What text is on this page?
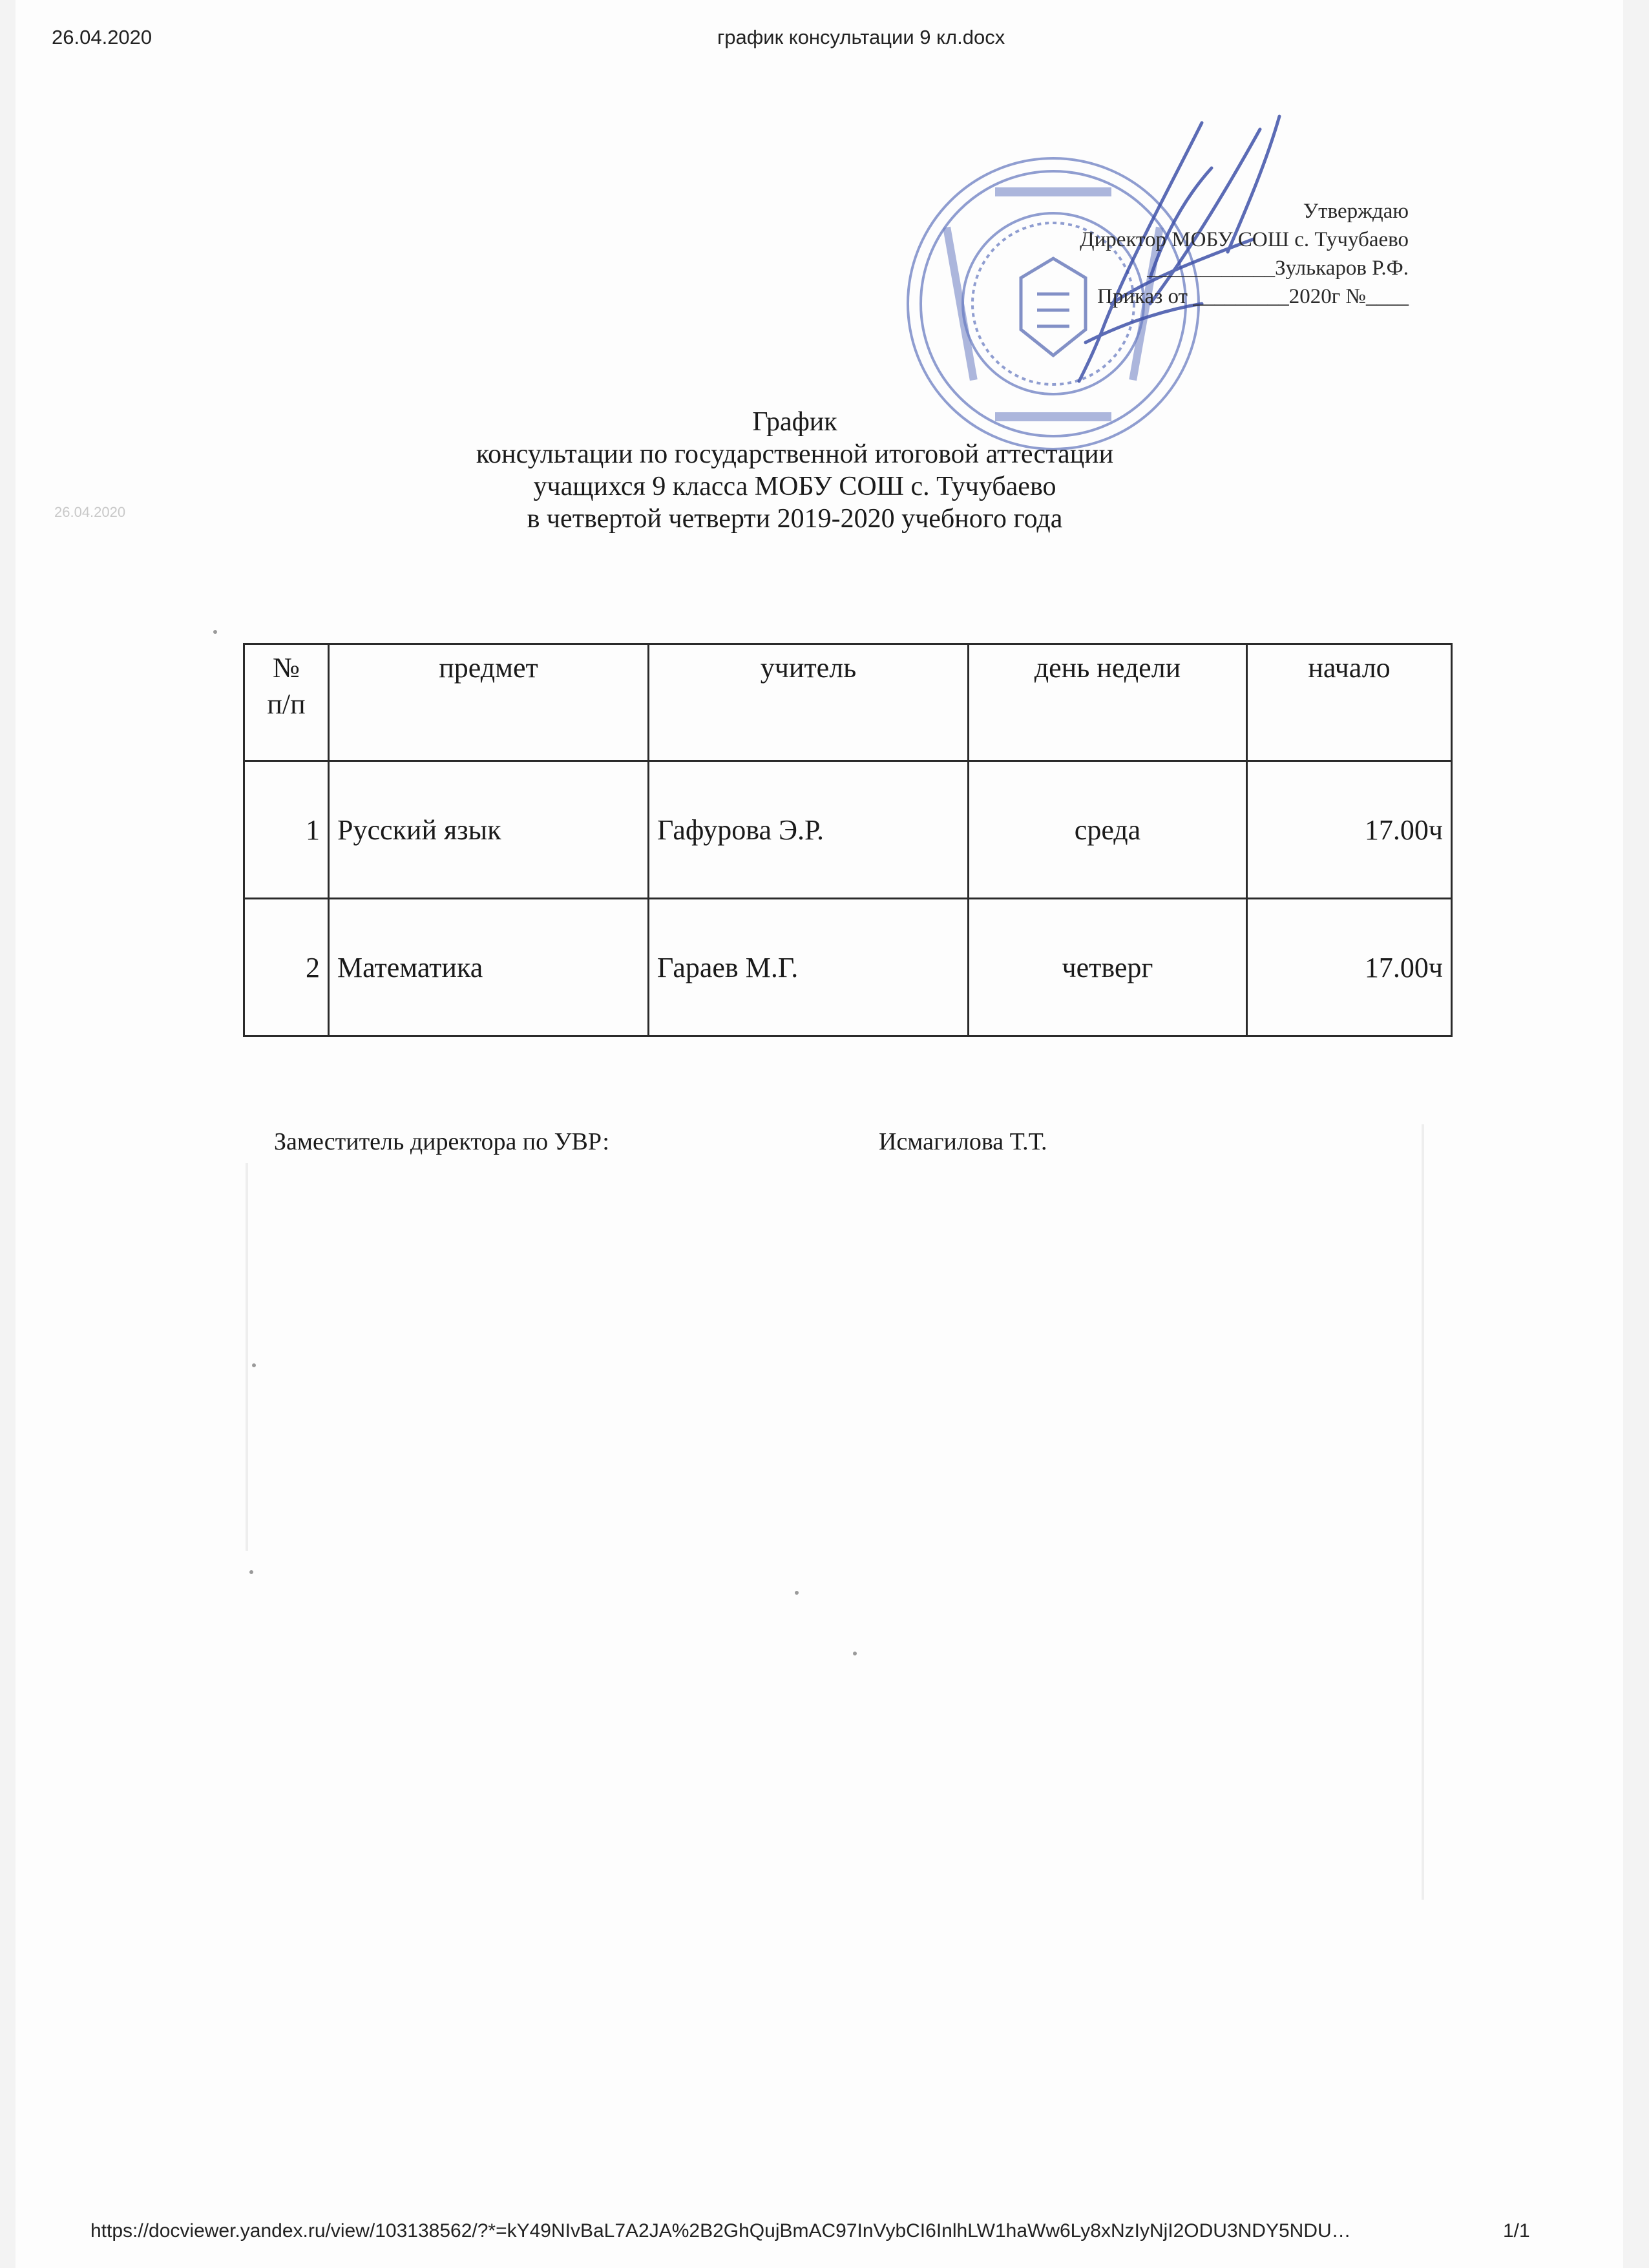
26.04.2020	график консультации 9 кл.docx
Утверждаю
Директор МОБУ СОШ с. Тучубаево
____________Зулькаров Р.Ф.
Приказ от _________2020г №____
График
консультации по государственной итоговой аттестации
учащихся 9 класса МОБУ СОШ с. Тучубаево
в четвертой четверти 2019-2020 учебного года
26.04.2020
№
п/п	предмет	учитель	день недели	начало

1	Русский язык	Гафурова Э.Р.	среда	17.00ч

2	Математика	Гараев М.Г.	четверг	17.00ч
Заместитель директора по УВР:	Исмагилова Т.Т.
https://docviewer.yandex.ru/view/103138562/?*=kY49NIvBaL7A2JA%2B2GhQujBmAC97InVybCI6InlhLW1haWw6Ly8xNzIyNjI2ODU3NDY5NDU…	1/1
